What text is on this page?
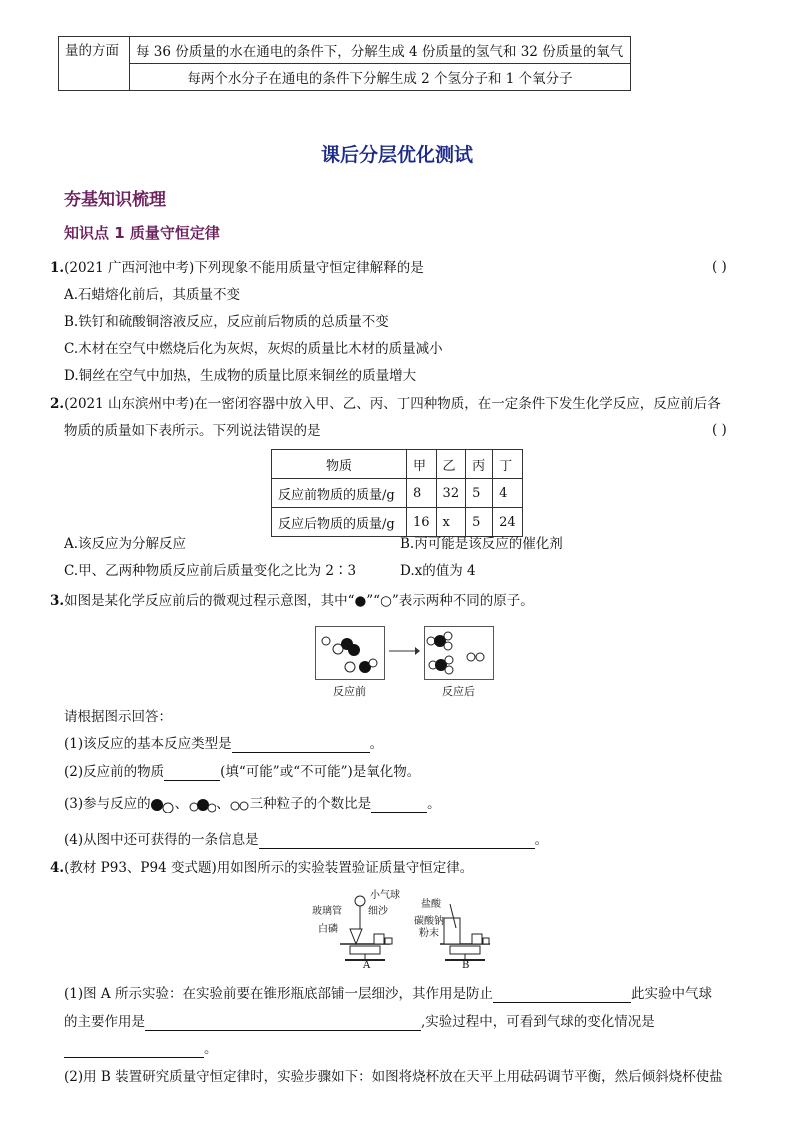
量的方面	每 36 份质量的水在通电的条件下，分解生成 4 份质量的氢气和 32 份质量的氧气
每两个水分子在通电的条件下分解生成 2 个氢分子和 1 个氧分子
课后分层优化测试
夯基知识梳理
知识点 1 质量守恒定律
1.(2021 广西河池中考)下列现象不能用质量守恒定律解释的是	( )
A.石蜡熔化前后，其质量不变
B.铁钉和硫酸铜溶液反应，反应前后物质的总质量不变
C.木材在空气中燃烧后化为灰烬，灰烬的质量比木材的质量减小
D.铜丝在空气中加热，生成物的质量比原来铜丝的质量增大
2.(2021 山东滨州中考)在一密闭容器中放入甲、乙、丙、丁四种物质，在一定条件下发生化学反应，反应前后各
物质的质量如下表所示。下列说法错误的是	( )
物质	甲	乙	丙	丁
反应前物质的质量/g	8	32	5	4
反应后物质的质量/g	16	x	5	24
A.该反应为分解反应	B.丙可能是该反应的催化剂
C.甲、乙两种物质反应前后质量变化之比为 2∶3	D.x的值为 4
3.如图是某化学反应前后的微观过程示意图，其中“●”“○”表示两种不同的原子。
反应前	反应后
请根据图示回答：
(1)该反应的基本反应类型是	。
(2)反应前的物质	(填“可能”或“不可能”)是氧化物。
(3)参与反应的 、 、 三种粒子的个数比是	。
(4)从图中还可获得的一条信息是	。
4.(教材 P93、P94 变式题)用如图所示的实验装置验证质量守恒定律。
小气球
玻璃管	细沙
白磷
盐酸
碳酸钠
粉末
A	B
(1)图 A 所示实验：在实验前要在锥形瓶底部铺一层细沙，其作用是防止	此实验中气球
的主要作用是	,实验过程中，可看到气球的变化情况是
。
(2)用 B 装置研究质量守恒定律时，实验步骤如下：如图将烧杯放在天平上用砝码调节平衡，然后倾斜烧杯使盐
